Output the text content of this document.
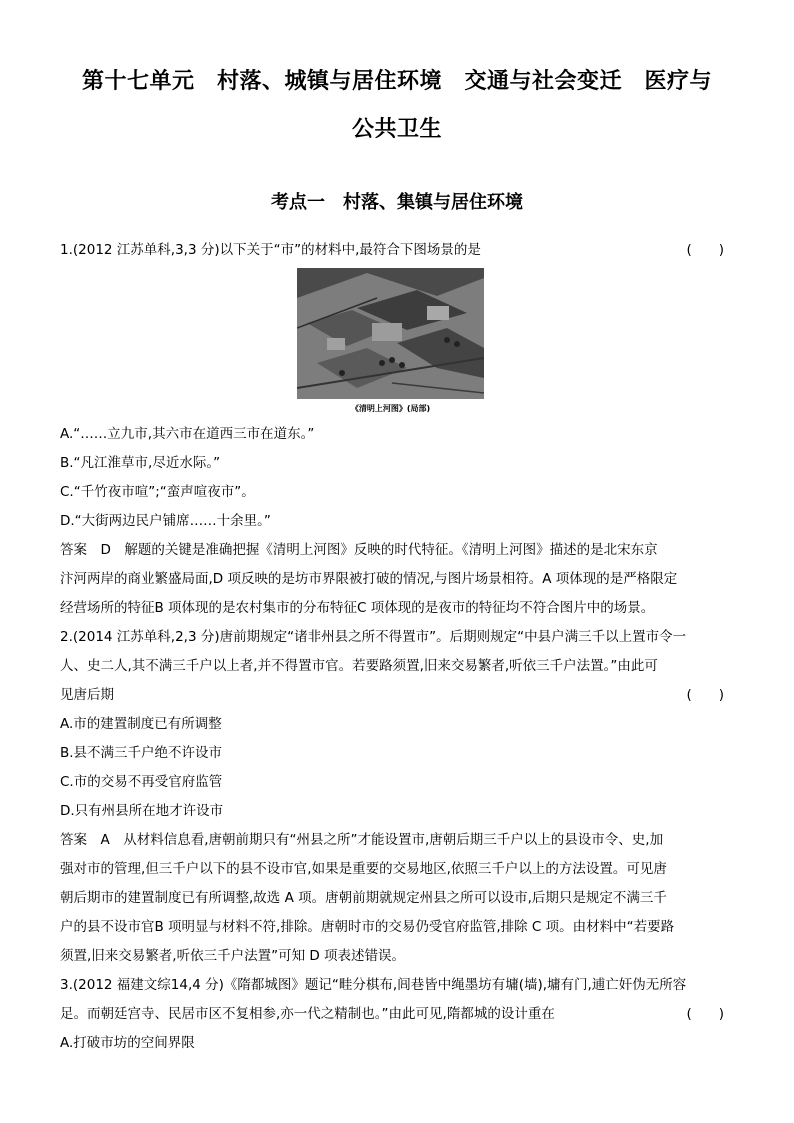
第十七单元　村落、城镇与居住环境　交通与社会变迁　医疗与
公共卫生
考点一　村落、集镇与居住环境
1.(2012 江苏单科,3,3 分)以下关于“市”的材料中,最符合下图场景的是	(　　)
《清明上河图》(局部)
A.“……立九市,其六市在道西三市在道东。”
B.“凡江淮草市,尽近水际。”
C.“千竹夜市喧”;“蛮声喧夜市”。
D.“大街两边民户铺席……十余里。”
答案　D　解题的关键是准确把握《清明上河图》反映的时代特征。《清明上河图》描述的是北宋东京
汴河两岸的商业繁盛局面,D 项反映的是坊市界限被打破的情况,与图片场景相符。A 项体现的是严格限定
经营场所的特征B 项体现的是农村集市的分布特征C 项体现的是夜市的特征均不符合图片中的场景。
2.(2014 江苏单科,2,3 分)唐前期规定“诸非州县之所不得置市”。后期则规定“中县户满三千以上置市令一
人、史二人,其不满三千户以上者,并不得置市官。若要路须置,旧来交易繁者,听依三千户法置。”由此可
见唐后期	(　　)
A.市的建置制度已有所调整
B.县不满三千户绝不许设市
C.市的交易不再受官府监管
D.只有州县所在地才许设市
答案　A　从材料信息看,唐朝前期只有“州县之所”才能设置市,唐朝后期三千户以上的县设市令、史,加
强对市的管理,但三千户以下的县不设市官,如果是重要的交易地区,依照三千户以上的方法设置。可见唐
朝后期市的建置制度已有所调整,故选 A 项。唐朝前期就规定州县之所可以设市,后期只是规定不满三千
户的县不设市官B 项明显与材料不符,排除。唐朝时市的交易仍受官府监管,排除 C 项。由材料中“若要路
须置,旧来交易繁者,听依三千户法置”可知 D 项表述错误。
3.(2012 福建文综14,4 分)《隋都城图》题记“畦分棋布,闾巷皆中绳墨坊有墉(墙),墉有门,逋亡奸伪无所容
足。而朝廷宫寺、民居市区不复相参,亦一代之精制也。”由此可见,隋都城的设计重在	(　　)
A.打破市坊的空间界限
